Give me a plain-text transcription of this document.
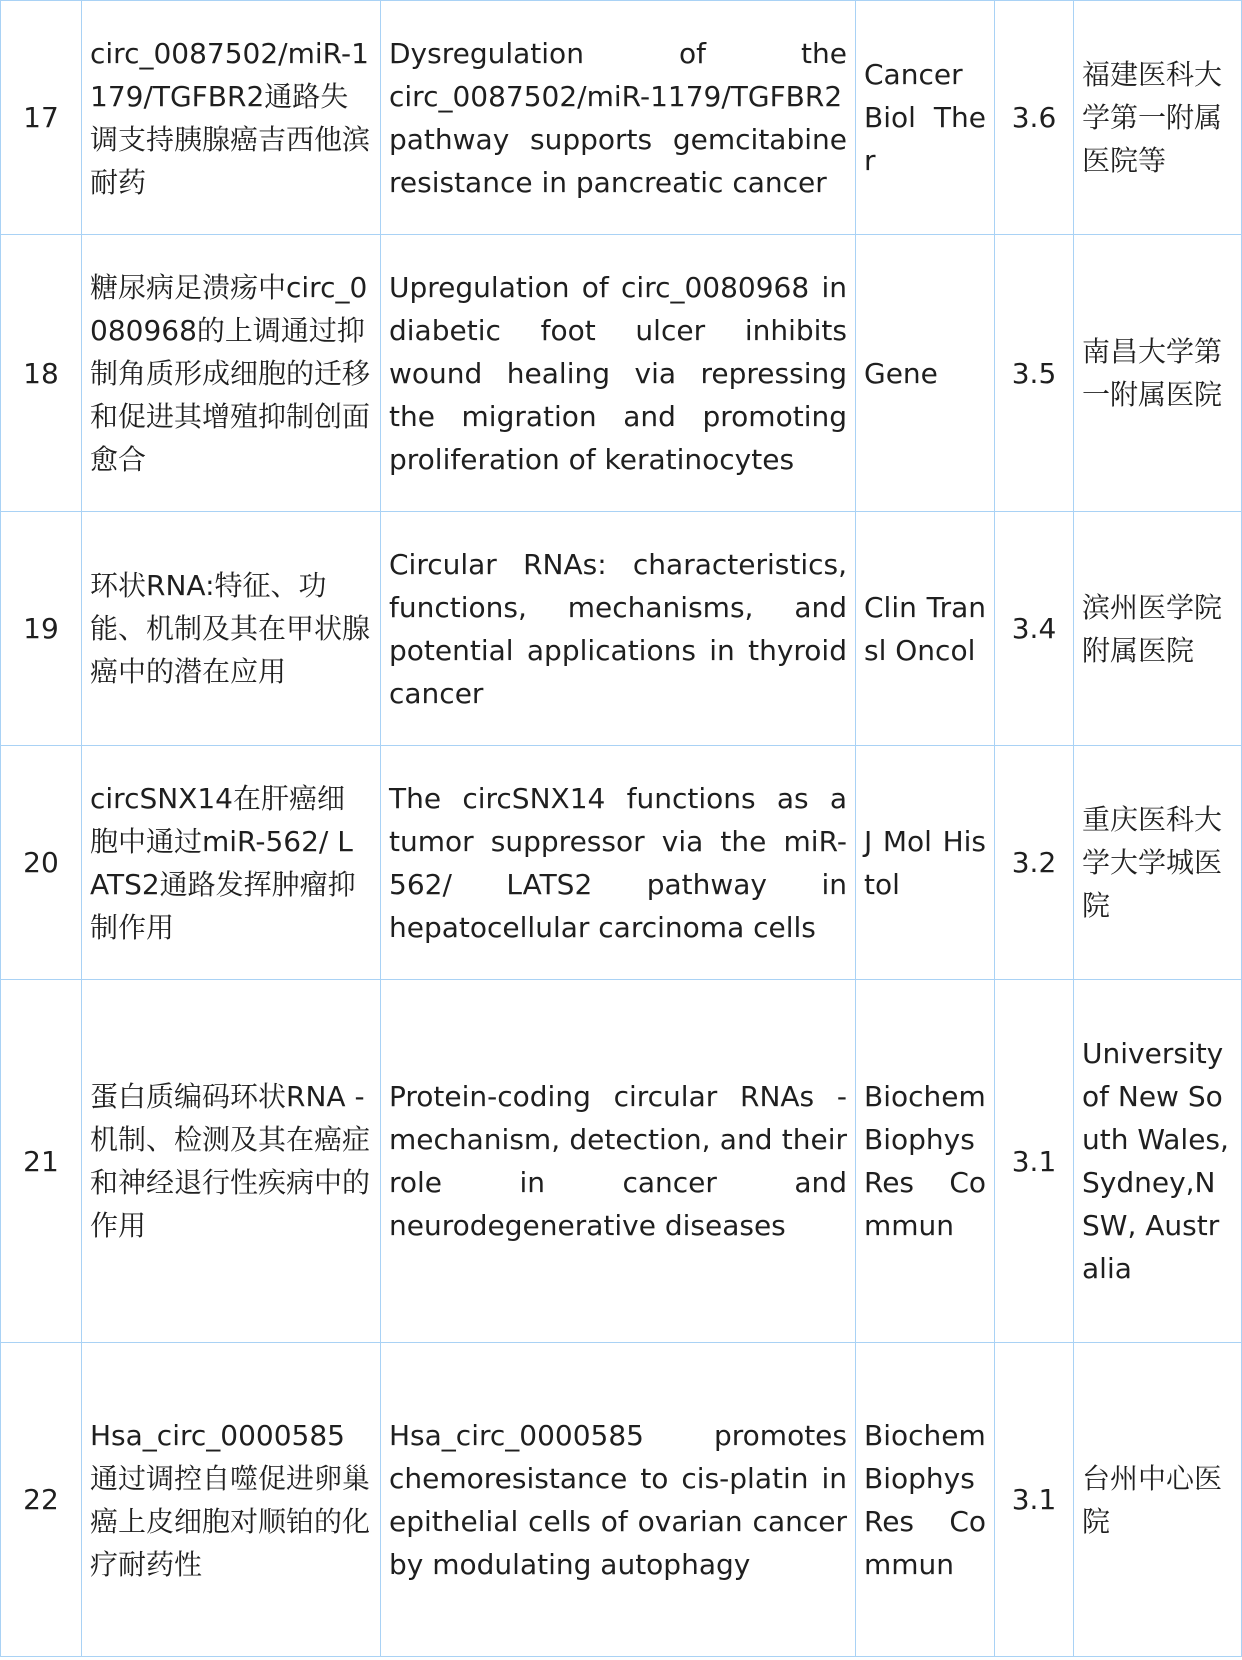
17	circ_0087502/miR-1179/TGFBR2通路失调支持胰腺癌吉西他滨耐药	Dysregulation of the circ_0087502/miR-1179/TGFBR2 pathway supports gemcitabine resistance in pancreatic cancer	Cancer Biol Ther	3.6	福建医科大学第一附属医院等
18	糖尿病足溃疡中circ_0080968的上调通过抑制角质形成细胞的迁移和促进其增殖抑制创面愈合	Upregulation of circ_0080968 in diabetic foot ulcer inhibits wound healing via repressing the migration and promoting proliferation of keratinocytes	Gene	3.5	南昌大学第一附属医院
19	环状RNA:特征、功能、机制及其在甲状腺癌中的潜在应用	Circular RNAs: characteristics, functions, mechanisms, and potential applications in thyroid cancer	Clin Transl Oncol	3.4	滨州医学院附属医院
20	circSNX14在肝癌细胞中通过miR-562/ LATS2通路发挥肿瘤抑制作用	The circSNX14 functions as a tumor suppressor via the miR-562/ LATS2 pathway in hepatocellular carcinoma cells	J Mol Histol	3.2	重庆医科大学大学城医院
21	蛋白质编码环状RNA -机制、检测及其在癌症和神经退行性疾病中的作用	Protein-coding circular RNAs - mechanism, detection, and their role in cancer and neurodegenerative diseases	Biochem Biophys Res Commun	3.1	University of New South Wales, Sydney,NSW, Australia
22	Hsa_circ_0000585通过调控自噬促进卵巢癌上皮细胞对顺铂的化疗耐药性	Hsa_circ_0000585 promotes chemoresistance to cis-platin in epithelial cells of ovarian cancer by modulating autophagy	Biochem Biophys Res Commun	3.1	台州中心医院
